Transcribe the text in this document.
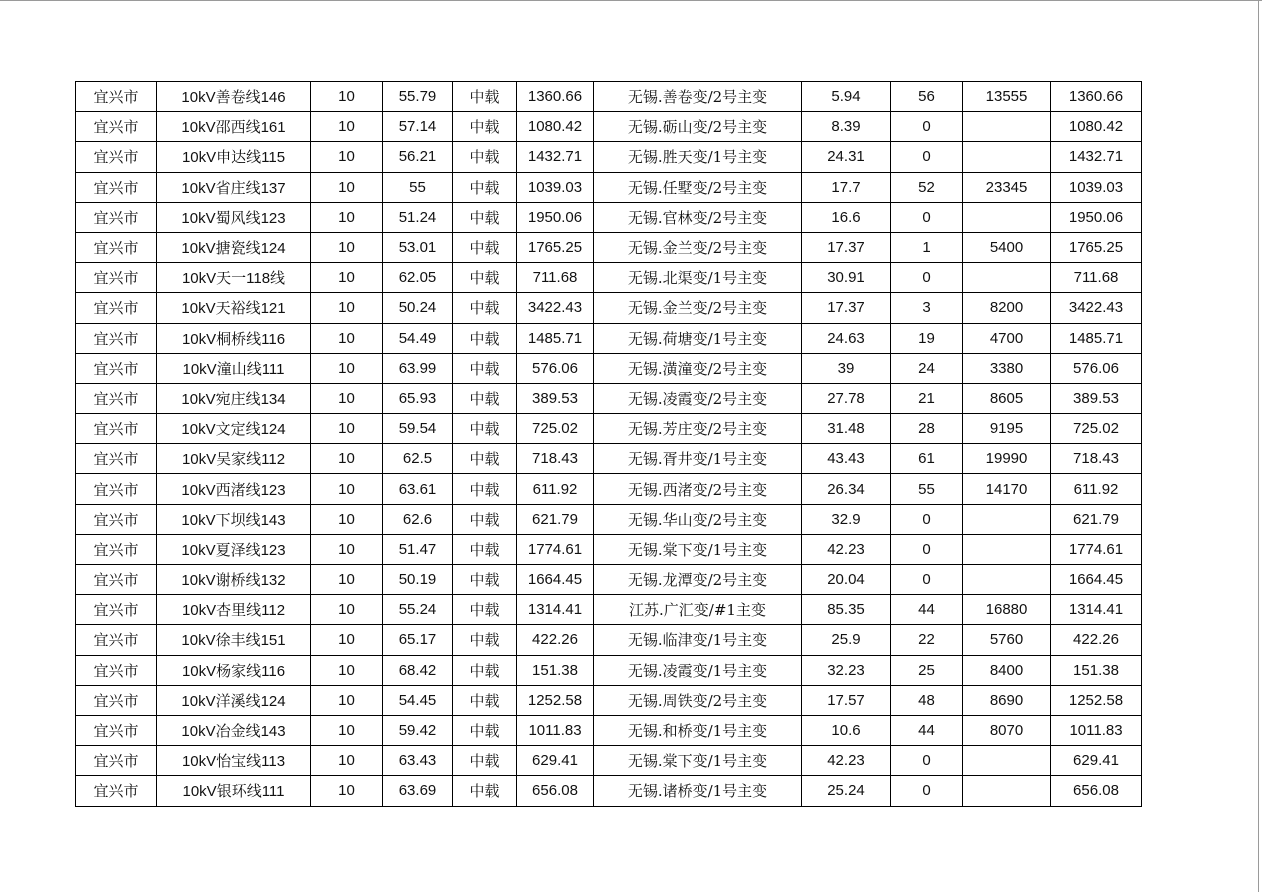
宜兴市	10kV善卷线146	10	55.79	中载	1360.66	无锡.善卷变/2号主变	5.94	56	13555	1360.66
宜兴市	10kV邵西线161	10	57.14	中载	1080.42	无锡.砺山变/2号主变	8.39	0		1080.42
宜兴市	10kV申达线115	10	56.21	中载	1432.71	无锡.胜天变/1号主变	24.31	0		1432.71
宜兴市	10kV省庄线137	10	55	中载	1039.03	无锡.任墅变/2号主变	17.7	52	23345	1039.03
宜兴市	10kV蜀风线123	10	51.24	中载	1950.06	无锡.官林变/2号主变	16.6	0		1950.06
宜兴市	10kV搪瓷线124	10	53.01	中载	1765.25	无锡.金兰变/2号主变	17.37	1	5400	1765.25
宜兴市	10kV天一118线	10	62.05	中载	711.68	无锡.北渠变/1号主变	30.91	0		711.68
宜兴市	10kV天裕线121	10	50.24	中载	3422.43	无锡.金兰变/2号主变	17.37	3	8200	3422.43
宜兴市	10kV桐桥线116	10	54.49	中载	1485.71	无锡.荷塘变/1号主变	24.63	19	4700	1485.71
宜兴市	10kV潼山线111	10	63.99	中载	576.06	无锡.潢潼变/2号主变	39	24	3380	576.06
宜兴市	10kV宛庄线134	10	65.93	中载	389.53	无锡.凌霞变/2号主变	27.78	21	8605	389.53
宜兴市	10kV文定线124	10	59.54	中载	725.02	无锡.芳庄变/2号主变	31.48	28	9195	725.02
宜兴市	10kV吴家线112	10	62.5	中载	718.43	无锡.胥井变/1号主变	43.43	61	19990	718.43
宜兴市	10kV西渚线123	10	63.61	中载	611.92	无锡.西渚变/2号主变	26.34	55	14170	611.92
宜兴市	10kV下坝线143	10	62.6	中载	621.79	无锡.华山变/2号主变	32.9	0		621.79
宜兴市	10kV夏泽线123	10	51.47	中载	1774.61	无锡.棠下变/1号主变	42.23	0		1774.61
宜兴市	10kV谢桥线132	10	50.19	中载	1664.45	无锡.龙潭变/2号主变	20.04	0		1664.45
宜兴市	10kV杏里线112	10	55.24	中载	1314.41	江苏.广汇变/#1主变	85.35	44	16880	1314.41
宜兴市	10kV徐丰线151	10	65.17	中载	422.26	无锡.临津变/1号主变	25.9	22	5760	422.26
宜兴市	10kV杨家线116	10	68.42	中载	151.38	无锡.凌霞变/1号主变	32.23	25	8400	151.38
宜兴市	10kV洋溪线124	10	54.45	中载	1252.58	无锡.周铁变/2号主变	17.57	48	8690	1252.58
宜兴市	10kV冶金线143	10	59.42	中载	1011.83	无锡.和桥变/1号主变	10.6	44	8070	1011.83
宜兴市	10kV怡宝线113	10	63.43	中载	629.41	无锡.棠下变/1号主变	42.23	0		629.41
宜兴市	10kV银环线111	10	63.69	中载	656.08	无锡.诸桥变/1号主变	25.24	0		656.08
